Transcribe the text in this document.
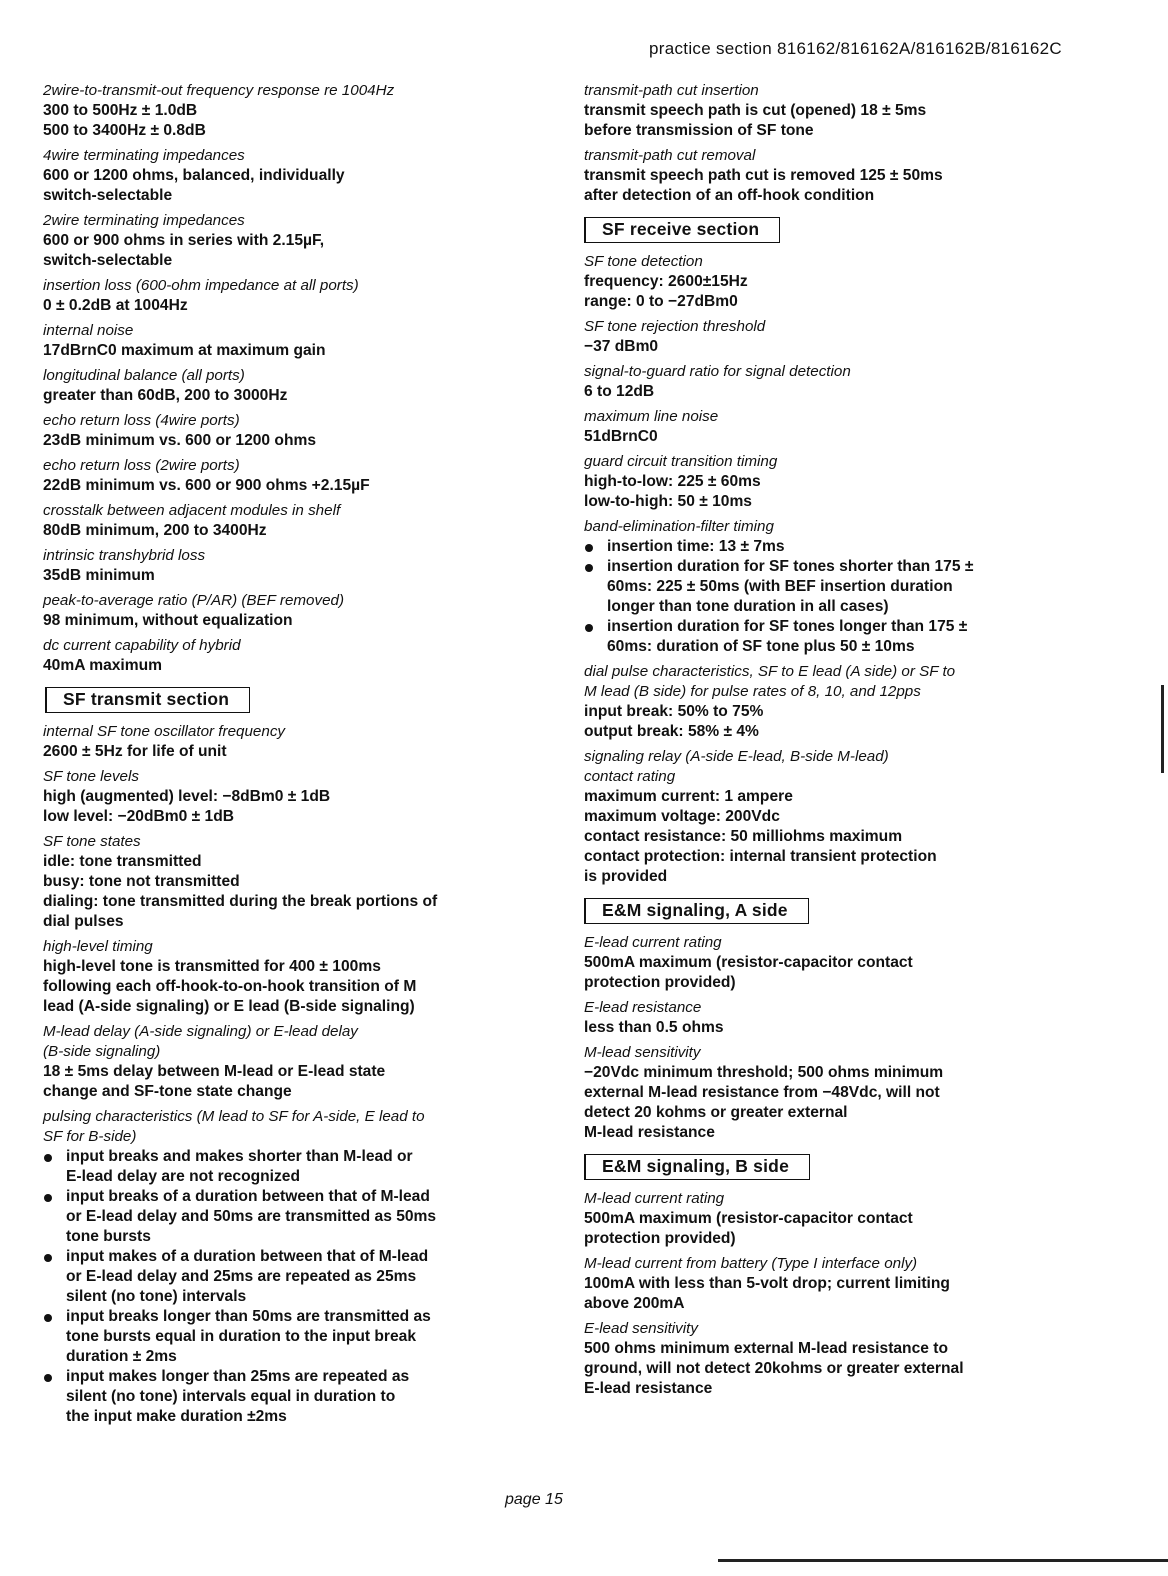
practice section 816162/816162A/816162B/816162C
2wire-to-transmit-out frequency response re 1004Hz
300 to 500Hz ± 1.0dB
500 to 3400Hz ± 0.8dB
4wire terminating impedances
600 or 1200 ohms, balanced, individually
switch-selectable
2wire terminating impedances
600 or 900 ohms in series with 2.15µF,
switch-selectable
insertion loss (600-ohm impedance at all ports)
0 ± 0.2dB at 1004Hz
internal noise
17dBrnC0 maximum at maximum gain
longitudinal balance (all ports)
greater than 60dB, 200 to 3000Hz
echo return loss (4wire ports)
23dB minimum vs. 600 or 1200 ohms
echo return loss (2wire ports)
22dB minimum vs. 600 or 900 ohms +2.15µF
crosstalk between adjacent modules in shelf
80dB minimum, 200 to 3400Hz
intrinsic transhybrid loss
35dB minimum
peak-to-average ratio (P/AR) (BEF removed)
98 minimum, without equalization
dc current capability of hybrid
40mA maximum
SF transmit section
internal SF tone oscillator frequency
2600 ± 5Hz for life of unit
SF tone levels
high (augmented) level: −8dBm0 ± 1dB
low level: −20dBm0 ± 1dB
SF tone states
idle: tone transmitted
busy: tone not transmitted
dialing: tone transmitted during the break portions of
dial pulses
high-level timing
high-level tone is transmitted for 400 ± 100ms
following each off-hook-to-on-hook transition of M
lead (A-side signaling) or E lead (B-side signaling)
M-lead delay (A-side signaling) or E-lead delay
(B-side signaling)
18 ± 5ms delay between M-lead or E-lead state
change and SF-tone state change
pulsing characteristics (M lead to SF for A-side, E lead to
SF for B-side)
input breaks and makes shorter than M-lead or
E-lead delay are not recognized
input breaks of a duration between that of M-lead
or E-lead delay and 50ms are transmitted as 50ms
tone bursts
input makes of a duration between that of M-lead
or E-lead delay and 25ms are repeated as 25ms
silent (no tone) intervals
input breaks longer than 50ms are transmitted as
tone bursts equal in duration to the input break
duration ± 2ms
input makes longer than 25ms are repeated as
silent (no tone) intervals equal in duration to
the input make duration ±2ms
transmit-path cut insertion
transmit speech path is cut (opened) 18 ± 5ms
before transmission of SF tone
transmit-path cut removal
transmit speech path cut is removed 125 ± 50ms
after detection of an off-hook condition
SF receive section
SF tone detection
frequency: 2600±15Hz
range: 0 to −27dBm0
SF tone rejection threshold
−37 dBm0
signal-to-guard ratio for signal detection
6 to 12dB
maximum line noise
51dBrnC0
guard circuit transition timing
high-to-low: 225 ± 60ms
low-to-high: 50 ± 10ms
band-elimination-filter timing
insertion time: 13 ± 7ms
insertion duration for SF tones shorter than 175 ±
60ms: 225 ± 50ms (with BEF insertion duration
longer than tone duration in all cases)
insertion duration for SF tones longer than 175 ±
60ms: duration of SF tone plus 50 ± 10ms
dial pulse characteristics, SF to E lead (A side) or SF to
M lead (B side) for pulse rates of 8, 10, and 12pps
input break: 50% to 75%
output break: 58% ± 4%
signaling relay (A-side E-lead, B-side M-lead)
contact rating
maximum current: 1 ampere
maximum voltage: 200Vdc
contact resistance: 50 milliohms maximum
contact protection: internal transient protection
is provided
E&M signaling, A side
E-lead current rating
500mA maximum (resistor-capacitor contact
protection provided)
E-lead resistance
less than 0.5 ohms
M-lead sensitivity
−20Vdc minimum threshold; 500 ohms minimum
external M-lead resistance from −48Vdc, will not
detect 20 kohms or greater external
M-lead resistance
E&M signaling, B side
M-lead current rating
500mA maximum (resistor-capacitor contact
protection provided)
M-lead current from battery (Type I interface only)
100mA with less than 5-volt drop; current limiting
above 200mA
E-lead sensitivity
500 ohms minimum external M-lead resistance to
ground, will not detect 20kohms or greater external
E-lead resistance
page 15
